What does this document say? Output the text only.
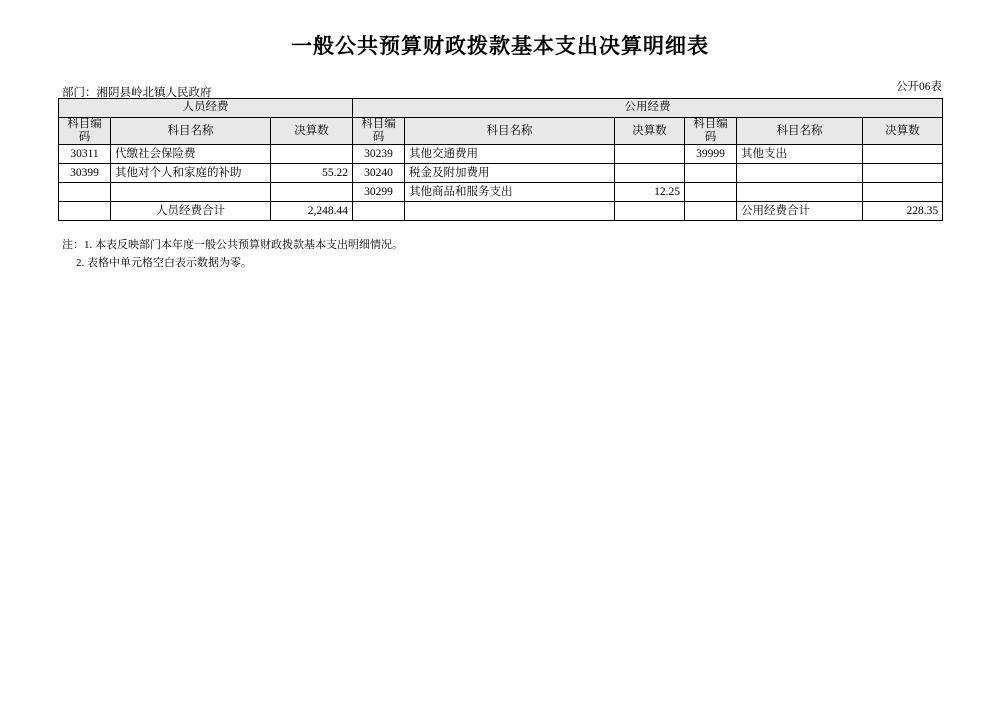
一般公共预算财政拨款基本支出决算明细表
公开06表
部门：湘阴县岭北镇人民政府
人员经费			公用经费					
科目编码	科目名称	决算数	科目编码	科目名称	决算数	科目编码	科目名称	决算数
30311	代缴社会保险费		30239	其他交通费用		39999	其他支出	
30399	其他对个人和家庭的补助	55.22	30240	税金及附加费用				
			30299	其他商品和服务支出	12.25			
	人员经费合计	2,248.44					公用经费合计	228.35
注：1. 本表反映部门本年度一般公共预算财政拨款基本支出明细情况。
2. 表格中单元格空白表示数据为零。
